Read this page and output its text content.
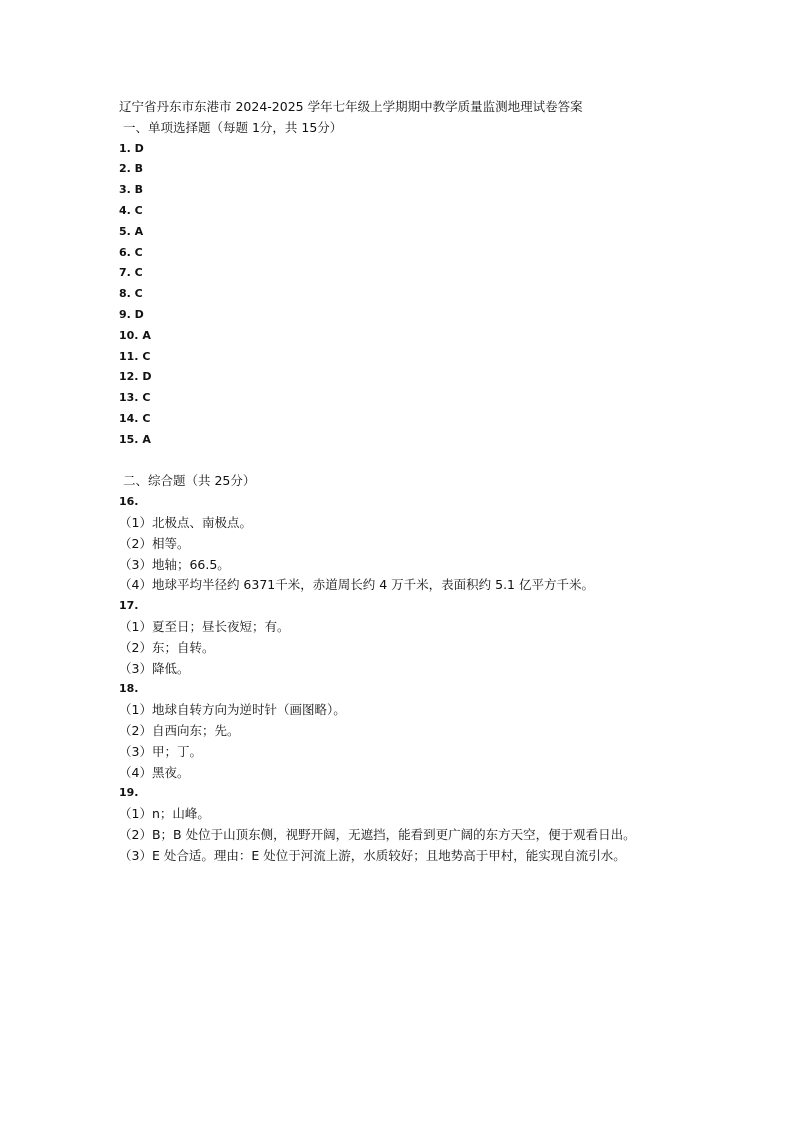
辽宁省丹东市东港市 2024-2025 学年七年级上学期期中教学质量监测地理试卷答案
一、单项选择题（每题 1分，共 15分）
1. D
2. B
3. B
4. C
5. A
6. C
7. C
8. C
9. D
10. A
11. C
12. D
13. C
14. C
15. A
二、综合题（共 25分）
16.
（1）北极点、南极点。
（2）相等。
（3）地轴；66.5。
（4）地球平均半径约 6371千米，赤道周长约 4 万千米，表面积约 5.1 亿平方千米。
17.
（1）夏至日；昼长夜短；有。
（2）东；自转。
（3）降低。
18.
（1）地球自转方向为逆时针（画图略）。
（2）自西向东；先。
（3）甲；丁。
（4）黑夜。
19.
（1）n；山峰。
（2）B；B 处位于山顶东侧，视野开阔，无遮挡，能看到更广阔的东方天空，便于观看日出。
（3）E 处合适。理由：E 处位于河流上游，水质较好；且地势高于甲村，能实现自流引水。
